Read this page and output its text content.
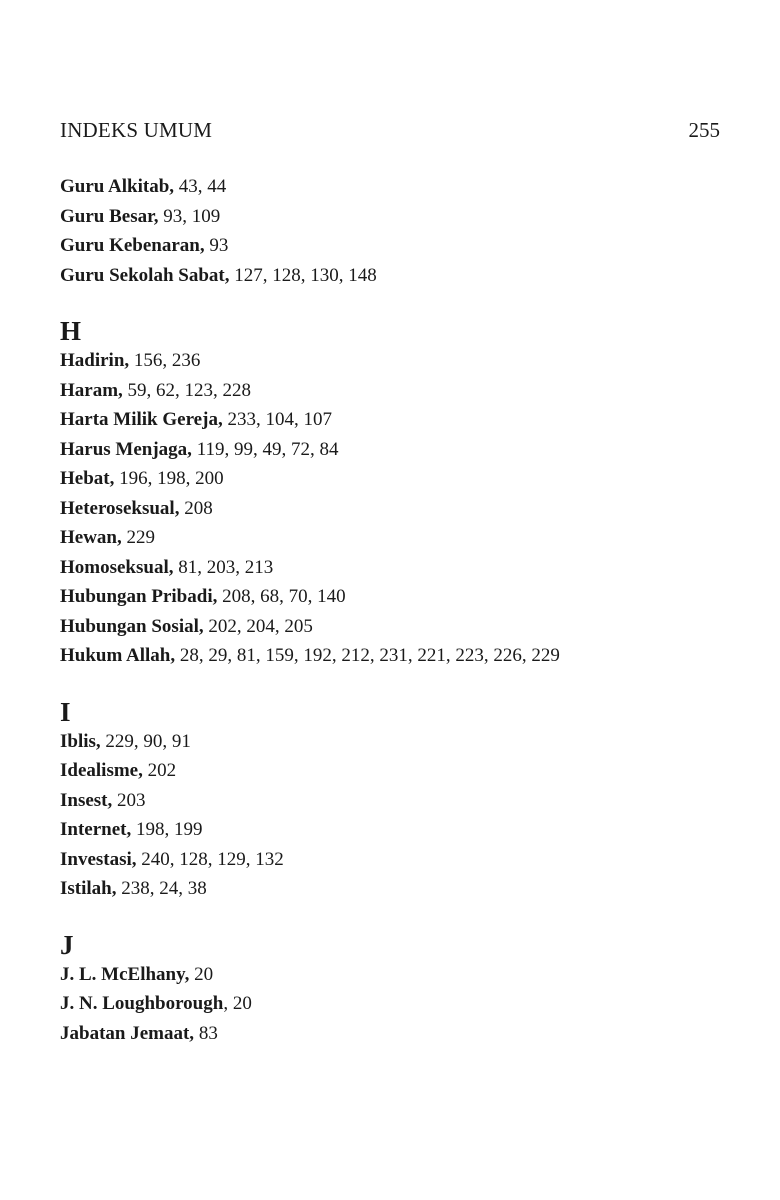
INDEKS UMUM	255
Guru Alkitab, 43, 44
Guru Besar, 93, 109
Guru Kebenaran, 93
Guru Sekolah Sabat, 127, 128, 130, 148
H
Hadirin, 156, 236
Haram, 59, 62, 123, 228
Harta Milik Gereja, 233, 104, 107
Harus Menjaga, 119, 99, 49, 72, 84
Hebat, 196, 198, 200
Heteroseksual, 208
Hewan, 229
Homoseksual, 81, 203, 213
Hubungan Pribadi, 208, 68, 70, 140
Hubungan Sosial, 202, 204, 205
Hukum Allah, 28, 29, 81, 159, 192, 212, 231, 221, 223, 226, 229
I
Iblis, 229, 90, 91
Idealisme, 202
Insest, 203
Internet, 198, 199
Investasi, 240, 128, 129, 132
Istilah, 238, 24, 38
J
J. L. McElhany, 20
J. N. Loughborough, 20
Jabatan Jemaat, 83
